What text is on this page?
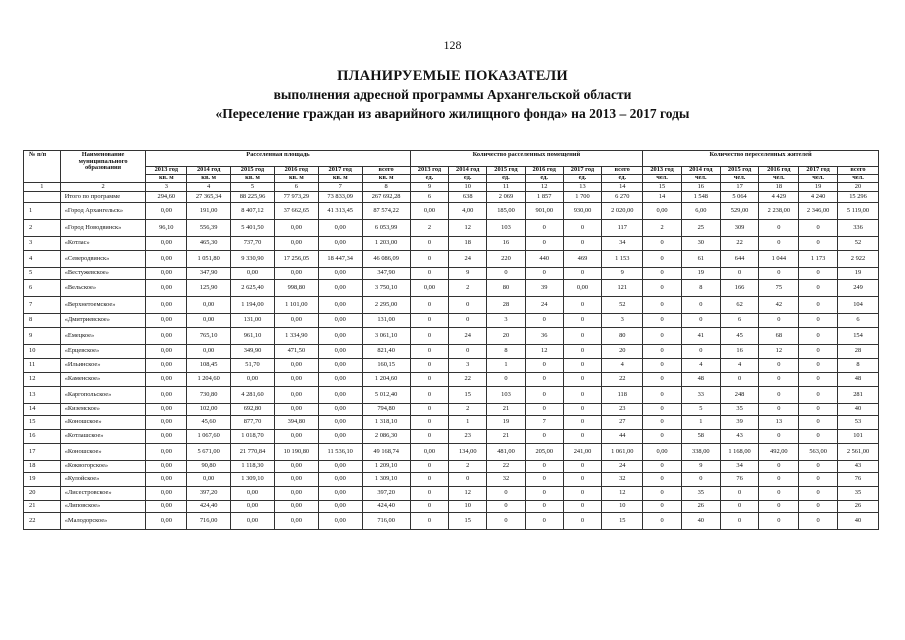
128
ПЛАНИРУЕМЫЕ ПОКАЗАТЕЛИ
выполнения адресной программы Архангельской области
«Переселение граждан из аварийного жилищного фонда» на 2013 – 2017 годы
№ п/п	Наименование муниципального образования	Расселенная площадь						Количество расселенных помещений						Количество переселенных жителей					
		2013 год	2014 год	2015 год	2016 год	2017 год	всего	2013 год	2014 год	2015 год	2016 год	2017 год	всего	2013 год	2014 год	2015 год	2016 год	2017 год	всего
		кв. м	кв. м	кв. м	кв. м	кв. м	кв. м	ед.	ед.	ед.	ед.	ед.	ед.	чел.	чел.	чел.	чел.	чел.	чел.
1	2	3	4	5	6	7	8	9	10	11	12	13	14	15	16	17	18	19	20
	Итого по программе	294,60	27 365,34	88 225,96	77 973,29	73 833,09	267 692,28	6	638	2 069	1 857	1 700	6 270	14	1 548	5 064	4 429	4 240	15 296
1	«Город Архангельск»	0,00	191,00	8 407,12	37 662,65	41 313,45	87 574,22	0,00	4,00	185,00	901,00	930,00	2 020,00	0,00	6,00	529,00	2 238,00	2 346,00	5 119,00
2	«Город Новодвинск»	96,10	556,39	5 401,50	0,00	0,00	6 053,99	2	12	103	0	0	117	2	25	309	0	0	336
3	«Котлас»	0,00	465,30	737,70	0,00	0,00	1 203,00	0	18	16	0	0	34	0	30	22	0	0	52
4	«Северодвинск»	0,00	1 051,80	9 330,90	17 256,05	18 447,34	46 086,09	0	24	220	440	469	1 153	0	61	644	1 044	1 173	2 922
5	«Вестужевское»	0,00	347,90	0,00	0,00	0,00	347,90	0	9	0	0	0	9	0	19	0	0	0	19
6	«Вельское»	0,00	125,90	2 625,40	998,80	0,00	3 750,10	0,00	2	80	39	0,00	121	0	8	166	75	0	249
7	«Верхнетоемское»	0,00	0,00	1 194,00	1 101,00	0,00	2 295,00	0	0	28	24	0	52	0	0	62	42	0	104
8	«Дмитриевское»	0,00	0,00	131,00	0,00	0,00	131,00	0	0	3	0	0	3	0	0	6	0	0	6
9	«Емецкое»	0,00	765,10	961,10	1 334,90	0,00	3 061,10	0	24	20	36	0	80	0	41	45	68	0	154
10	«Ерцевское»	0,00	0,00	349,90	471,50	0,00	821,40	0	0	8	12	0	20	0	0	16	12	0	28
11	«Ильинское»	0,00	108,45	51,70	0,00	0,00	160,15	0	3	1	0	0	4	0	4	4	0	0	8
12	«Каменское»	0,00	1 204,60	0,00	0,00	0,00	1 204,60	0	22	0	0	0	22	0	48	0	0	0	48
13	«Каргопольское»	0,00	730,80	4 281,60	0,00	0,00	5 012,40	0	15	103	0	0	118	0	33	248	0	0	281
14	«Киземское»	0,00	102,00	692,80	0,00	0,00	794,80	0	2	21	0	0	23	0	5	35	0	0	40
15	«Коношское»	0,00	45,60	877,70	394,80	0,00	1 318,10	0	1	19	7	0	27	0	1	39	13	0	53
16	«Котлашское»	0,00	1 067,60	1 018,70	0,00	0,00	2 086,30	0	23	21	0	0	44	0	58	43	0	0	101
17	«Коношское»	0,00	5 671,00	21 770,84	10 190,80	11 536,10	49 168,74	0,00	134,00	481,00	205,00	241,00	1 061,00	0,00	338,00	1 168,00	492,00	563,00	2 561,00
18	«Коквогорское»	0,00	90,80	1 118,30	0,00	0,00	1 209,10	0	2	22	0	0	24	0	9	34	0	0	43
19	«Кулойское»	0,00	0,00	1 309,10	0,00	0,00	1 309,10	0	0	32	0	0	32	0	0	76	0	0	76
20	«Лисестровское»	0,00	397,20	0,00	0,00	0,00	397,20	0	12	0	0	0	12	0	35	0	0	0	35
21	«Липовское»	0,00	424,40	0,00	0,00	0,00	424,40	0	10	0	0	0	10	0	26	0	0	0	26
22	«Малодорское»	0,00	716,00	0,00	0,00	0,00	716,00	0	15	0	0	0	15	0	40	0	0	0	40
